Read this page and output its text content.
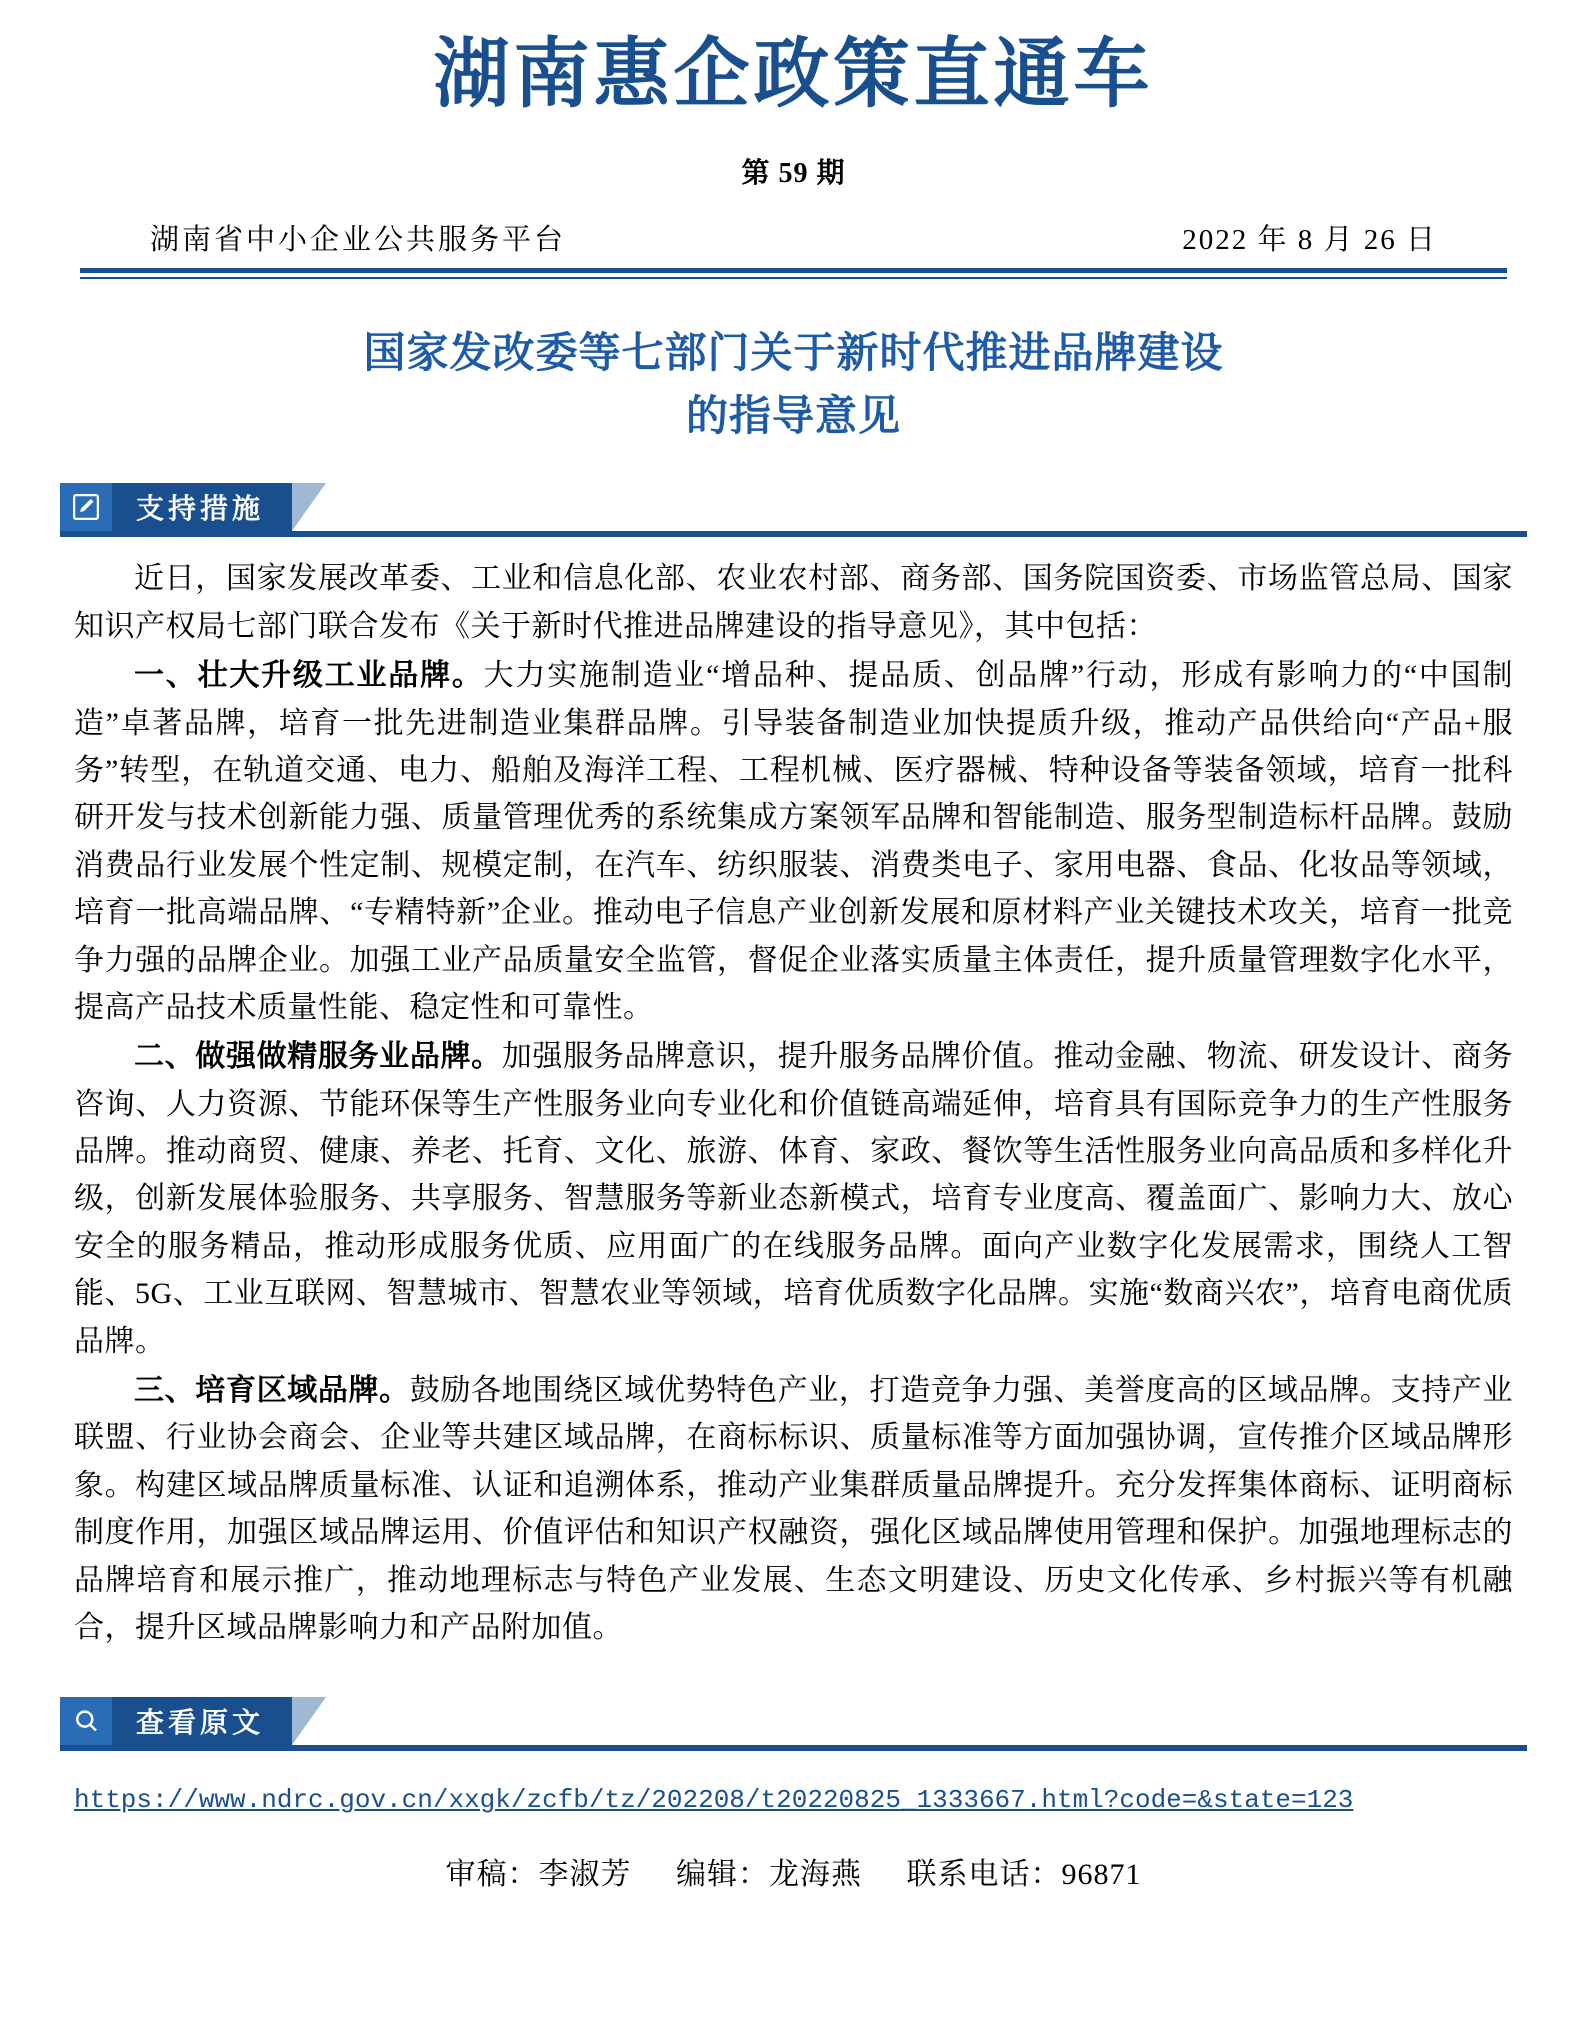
湖南惠企政策直通车
第 59 期
湖南省中小企业公共服务平台	2022 年 8 月 26 日
国家发改委等七部门关于新时代推进品牌建设
的指导意见
支持措施

近日，国家发展改革委、工业和信息化部、农业农村部、商务部、国务院国资委、市场监管总局、国家知识产权局七部门联合发布《关于新时代推进品牌建设的指导意见》，其中包括：

一、壮大升级工业品牌。大力实施制造业“增品种、提品质、创品牌”行动，形成有影响力的“中国制造”卓著品牌，培育一批先进制造业集群品牌。引导装备制造业加快提质升级，推动产品供给向“产品+服务”转型，在轨道交通、电力、船舶及海洋工程、工程机械、医疗器械、特种设备等装备领域，培育一批科研开发与技术创新能力强、质量管理优秀的系统集成方案领军品牌和智能制造、服务型制造标杆品牌。鼓励消费品行业发展个性定制、规模定制，在汽车、纺织服装、消费类电子、家用电器、食品、化妆品等领域，培育一批高端品牌、“专精特新”企业。推动电子信息产业创新发展和原材料产业关键技术攻关，培育一批竞争力强的品牌企业。加强工业产品质量安全监管，督促企业落实质量主体责任，提升质量管理数字化水平，提高产品技术质量性能、稳定性和可靠性。

二、做强做精服务业品牌。加强服务品牌意识，提升服务品牌价值。推动金融、物流、研发设计、商务咨询、人力资源、节能环保等生产性服务业向专业化和价值链高端延伸，培育具有国际竞争力的生产性服务品牌。推动商贸、健康、养老、托育、文化、旅游、体育、家政、餐饮等生活性服务业向高品质和多样化升级，创新发展体验服务、共享服务、智慧服务等新业态新模式，培育专业度高、覆盖面广、影响力大、放心安全的服务精品，推动形成服务优质、应用面广的在线服务品牌。面向产业数字化发展需求，围绕人工智能、5G、工业互联网、智慧城市、智慧农业等领域，培育优质数字化品牌。实施“数商兴农”，培育电商优质品牌。

三、培育区域品牌。鼓励各地围绕区域优势特色产业，打造竞争力强、美誉度高的区域品牌。支持产业联盟、行业协会商会、企业等共建区域品牌，在商标标识、质量标准等方面加强协调，宣传推介区域品牌形象。构建区域品牌质量标准、认证和追溯体系，推动产业集群质量品牌提升。充分发挥集体商标、证明商标制度作用，加强区域品牌运用、价值评估和知识产权融资，强化区域品牌使用管理和保护。加强地理标志的品牌培育和展示推广，推动地理标志与特色产业发展、生态文明建设、历史文化传承、乡村振兴等有机融合，提升区域品牌影响力和产品附加值。

查看原文
https://www.ndrc.gov.cn/xxgk/zcfb/tz/202208/t20220825_1333667.html?code=&state=123
审稿：李淑芳 编辑：龙海燕 联系电话：96871
